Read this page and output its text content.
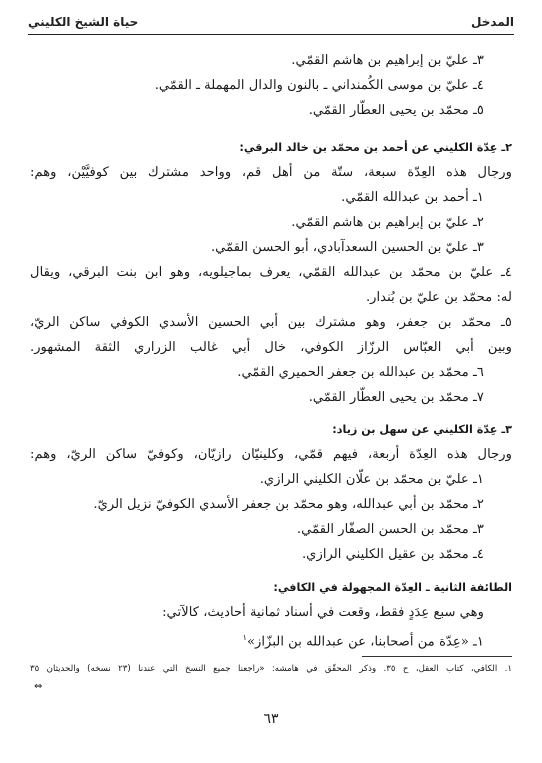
المدخل
حياة الشيخ الكليني
٣ـ عليّ بن إبراهيم بن هاشم القمّي.
٤ـ عليّ بن موسى الكُمنداني ـ بالنون والدال المهملة ـ القمّي.
٥ـ محمّد بن يحيى العطّار القمّي.
٢ـ عِدّة الكليني عن أحمد بن محمّد بن خالد البرقي:
ورجال هذه العِدّة سبعة، ستّة من أهل قم، وواحد مشترك بين كوفيَّيْن، وهم:
١ـ أحمد بن عبدالله القمّي.
٢ـ عليّ بن إبراهيم بن هاشم القمّي.
٣ـ عليّ بن الحسين السعدآبادي، أبو الحسن القمّي.
٤ـ عليّ بن محمّد بن عبدالله القمّي، يعرف بماجيلويه، وهو ابن بنت البرقي، ويقال
له: محمّد بن عليّ بن بُندار.
٥ـ محمّد بن جعفر، وهو مشترك بين أبي الحسين الأسدي الكوفي ساكن الريّ،
وبين أبي العبّاس الرزّاز الكوفي، خال أبي غالب الزراري الثقة المشهور.
٦ـ محمّد بن عبدالله بن جعفر الحميري القمّي.
٧ـ محمّد بن يحيى العطّار القمّي.
٣ـ عِدّة الكليني عن سهل بن زياد:
ورجال هذه العِدّة أربعة، فيهم قمّي، وكلينيّان رازيّان، وكوفيّ ساكن الريّ، وهم:
١ـ عليّ بن محمّد بن علّان الكليني الرازي.
٢ـ محمّد بن أبي عبدالله، وهو محمّد بن جعفر الأسدي الكوفيّ نزيل الريّ.
٣ـ محمّد بن الحسن الصفّار القمّي.
٤ـ محمّد بن عقيل الكليني الرازي.
الطائفة الثانية ـ العِدّة المجهولة في الكافي:
وهي سبع عِدَدٍ فقط، وقعت في أسناد ثمانية أحاديث، كالآتي:
١ـ «عِدّة من أصحابنا، عن عبدالله بن البزّاز»$^١$
١. الكافي، كتاب العقل، ح ٣٥. وذكر المحقّق في هامشه: «راجعنا جميع النسخ التي عندنا (٢٣ نسخه) والحديثان ٣٥
⇔
٦٣
